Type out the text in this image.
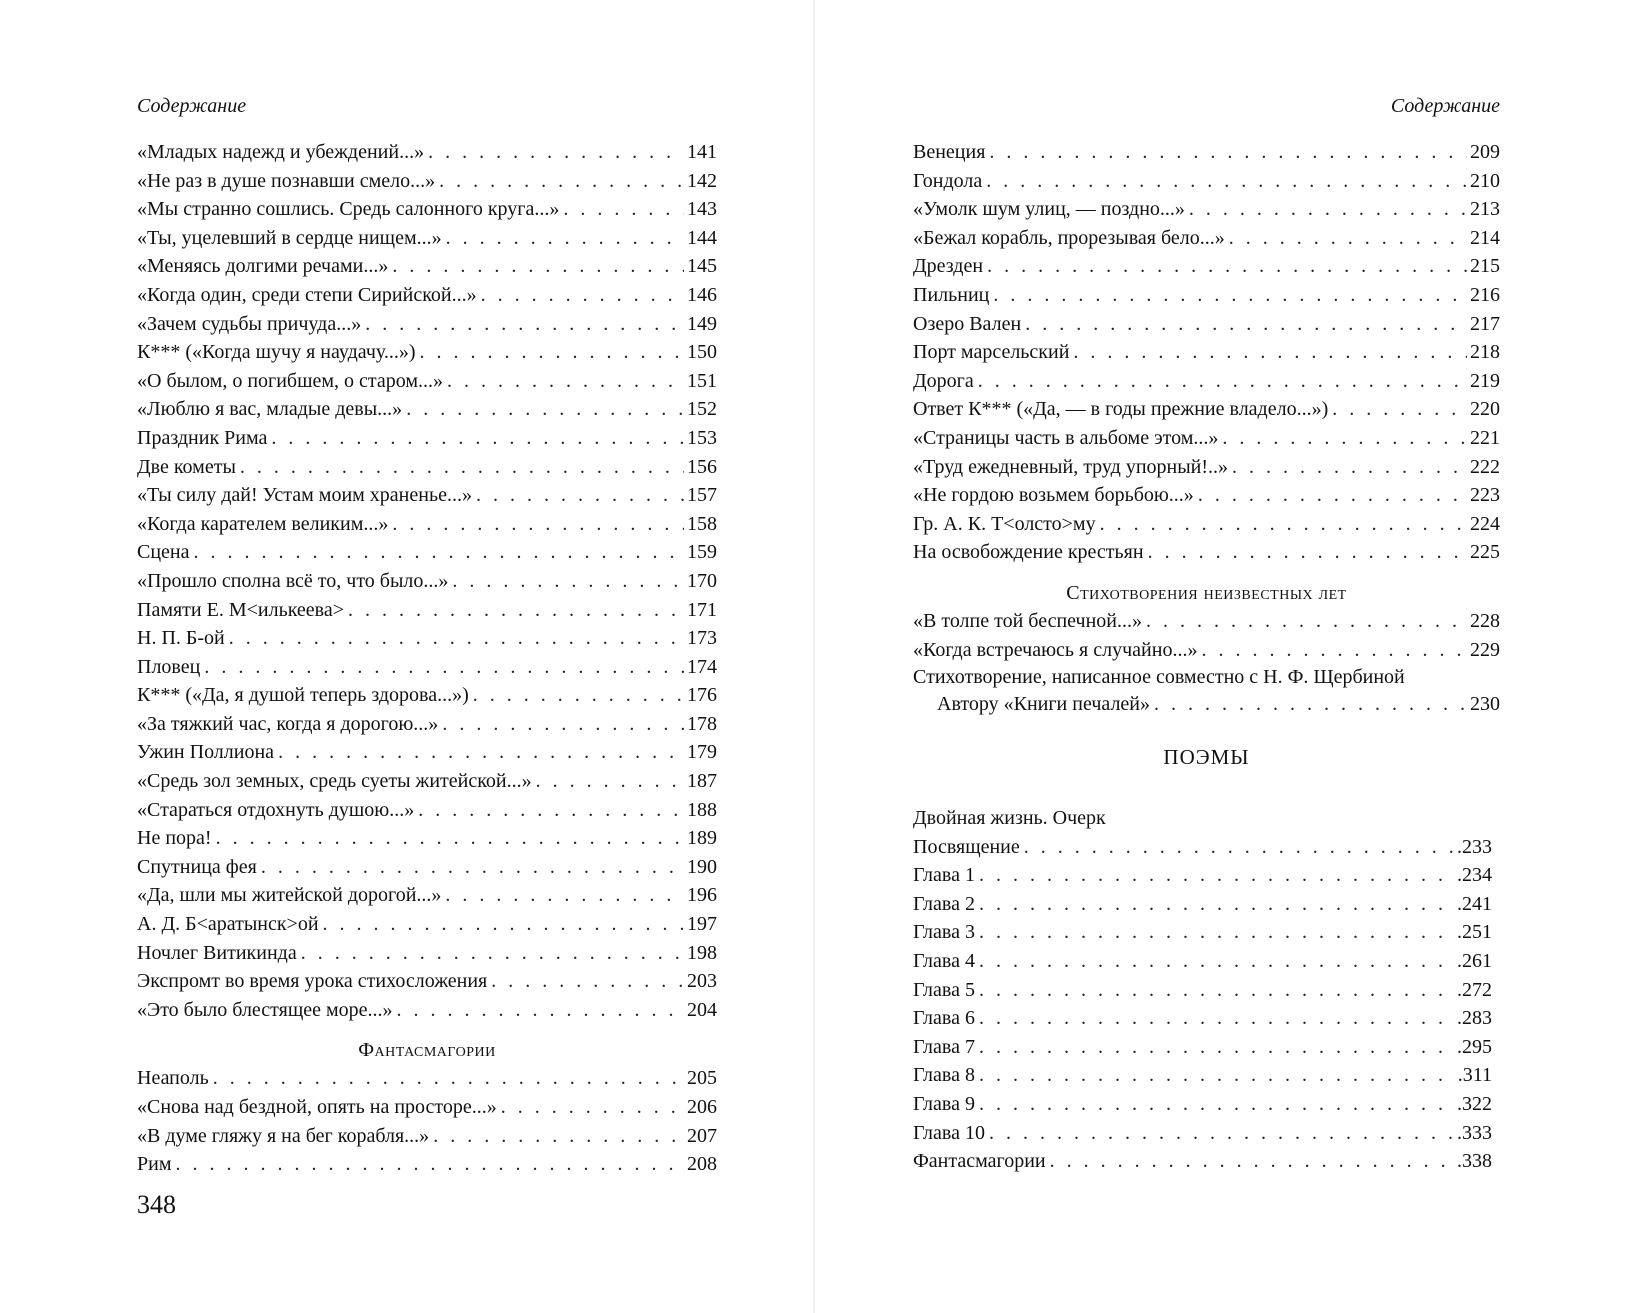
Содержание
«Младых надежд и убеждений...» . . .	141
«Не раз в душе познавши смело...» . . .	142
«Мы странно сошлись. Средь салонного круга...» . . .	143
«Ты, уцелевший в сердце нищем...» . . .	144
«Меняясь долгими речами...» . . .	145
«Когда один, среди степи Сирийской...» . . .	146
«Зачем судьбы причуда...» . . .	149
К*** («Когда шучу я наудачу...») . . .	150
«О былом, о погибшем, о старом...» . . .	151
«Люблю я вас, младые девы...» . . .	152
Праздник Рима . . .	153
Две кометы . . .	156
«Ты силу дай! Устам моим храненье...» . . .	157
«Когда карателем великим...» . . .	158
Сцена . . .	159
«Прошло сполна всё то, что было...» . . .	170
Памяти Е. М<илькеева> . . .	171
Н. П. Б-ой . . .	173
Пловец . . .	174
К*** («Да, я душой теперь здорова...») . . .	176
«За тяжкий час, когда я дорогою...» . . .	178
Ужин Поллиона . . .	179
«Средь зол земных, средь суеты житейской...» . . .	187
«Стараться отдохнуть душою...» . . .	188
Не пора! . . .	189
Спутница фея . . .	190
«Да, шли мы житейской дорогой...» . . .	196
А. Д. Б<аратынск>ой . . .	197
Ночлег Витикинда . . .	198
Экспромт во время урока стихосложения . . .	203
«Это было блестящее море...» . . .	204
Фантасмагории
Неаполь . . .	205
«Снова над бездной, опять на просторе...» . . .	206
«В думе гляжу я на бег корабля...» . . .	207
Рим . . .	208
348
Содержание
Венеция . . .	209
Гондола . . .	210
«Умолк шум улиц, — поздно...» . . .	213
«Бежал корабль, прорезывая бело...» . . .	214
Дрезден . . .	215
Пильниц . . .	216
Озеро Вален . . .	217
Порт марсельский . . .	218
Дорога . . .	219
Ответ К*** («Да, — в годы прежние владело...») . . .	220
«Страницы часть в альбоме этом...» . . .	221
«Труд ежедневный, труд упорный!..» . . .	222
«Не гордою возьмем борьбою...» . . .	223
Гр. А. К. Т<олсто>му . . .	224
На освобождение крестьян . . .	225
Стихотворения неизвестных лет
«В толпе той беспечной...» . . .	228
«Когда встречаюсь я случайно...» . . .	229
Стихотворение, написанное совместно с Н. Ф. Щербиной
Автору «Книги печалей» . . .	230
ПОЭМЫ
Двойная жизнь. Очерк
Посвящение . . .	.233
Глава 1 . . .	.234
Глава 2 . . .	.241
Глава 3 . . .	.251
Глава 4 . . .	.261
Глава 5 . . .	.272
Глава 6 . . .	.283
Глава 7 . . .	.295
Глава 8 . . .	.311
Глава 9 . . .	.322
Глава 10 . . .	.333
Фантасмагории . . .	.338
